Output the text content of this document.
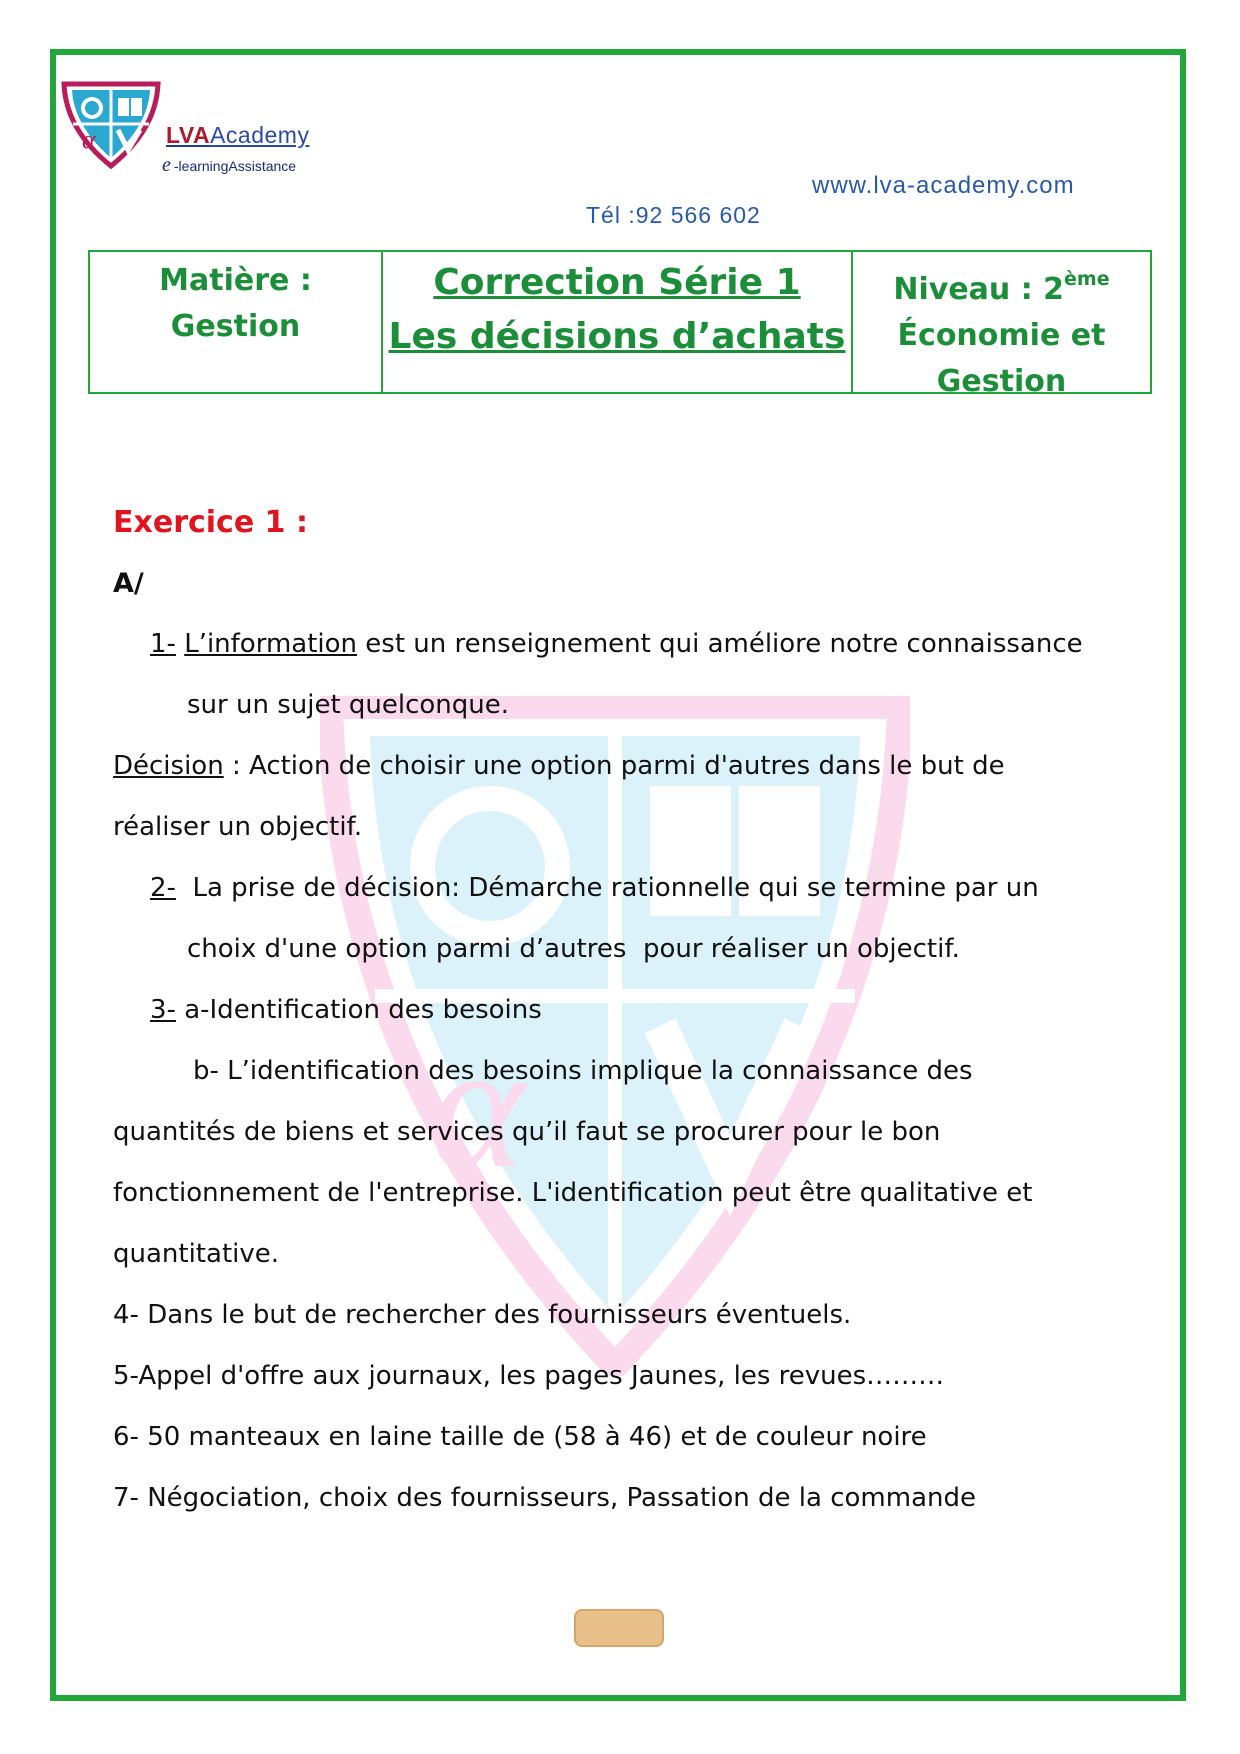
α	LVAAcademy
e -learningAssistance
www.lva-academy.com
Tél :92 566 602
Matière :
Gestion
Correction Série 1
Les décisions d’achats
Niveau : 2ème
Économie et
Gestion
α
Exercice 1 :
A/
1- L’information est un renseignement qui améliore notre connaissance
sur un sujet quelconque.
Décision : Action de choisir une option parmi d'autres dans le but de
réaliser un objectif.
2-  La prise de décision: Démarche rationnelle qui se termine par un
choix d'une option parmi d’autres  pour réaliser un objectif.
3- a-Identification des besoins
b- L’identification des besoins implique la connaissance des
quantités de biens et services qu’il faut se procurer pour le bon
fonctionnement de l'entreprise. L'identification peut être qualitative et
quantitative.
4- Dans le but de rechercher des fournisseurs éventuels.
5-Appel d'offre aux journaux, les pages Jaunes, les revues………
6- 50 manteaux en laine taille de (58 à 46) et de couleur noire
7- Négociation, choix des fournisseurs, Passation de la commande
